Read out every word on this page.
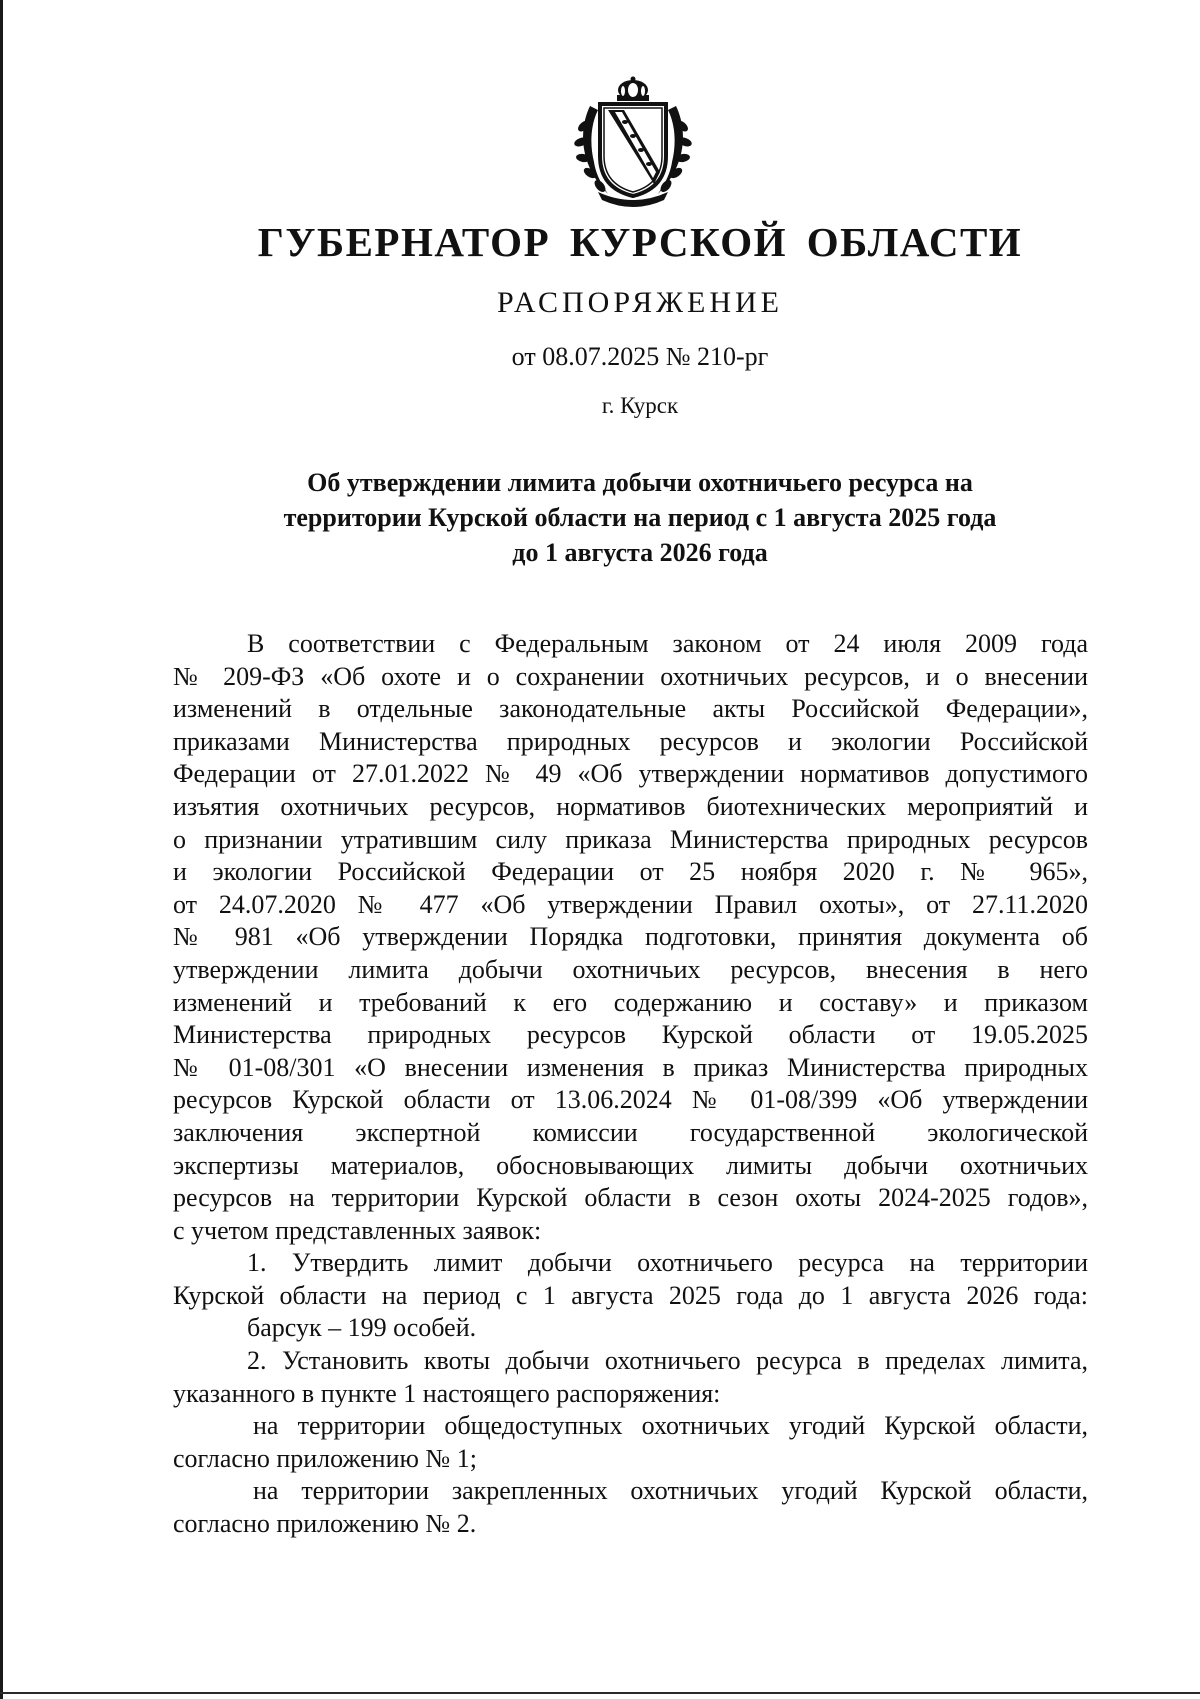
ГУБЕРНАТОР КУРСКОЙ ОБЛАСТИ
РАСПОРЯЖЕНИЕ
от 08.07.2025 № 210-рг
г. Курск
Об утверждении лимита добычи охотничьего ресурса на
территории Курской области на период с 1 августа 2025 года
до 1 августа 2026 года
В соответствии с Федеральным законом от 24 июля 2009 года
№ 209-ФЗ «Об охоте и о сохранении охотничьих ресурсов, и о внесении
изменений в отдельные законодательные акты Российской Федерации»,
приказами Министерства природных ресурсов и экологии Российской
Федерации от 27.01.2022 № 49 «Об утверждении нормативов допустимого
изъятия охотничьих ресурсов, нормативов биотехнических мероприятий и
о признании утратившим силу приказа Министерства природных ресурсов
и экологии Российской Федерации от 25 ноября 2020 г. № 965»,
от 24.07.2020 № 477 «Об утверждении Правил охоты», от 27.11.2020
№ 981 «Об утверждении Порядка подготовки, принятия документа об
утверждении лимита добычи охотничьих ресурсов, внесения в него
изменений и требований к его содержанию и составу» и приказом
Министерства природных ресурсов Курской области от 19.05.2025
№ 01-08/301 «О внесении изменения в приказ Министерства природных
ресурсов Курской области от 13.06.2024 № 01-08/399 «Об утверждении
заключения экспертной комиссии государственной экологической
экспертизы материалов, обосновывающих лимиты добычи охотничьих
ресурсов на территории Курской области в сезон охоты 2024-2025 годов»,
с учетом представленных заявок:
1. Утвердить лимит добычи охотничьего ресурса на территории
Курской области на период с 1 августа 2025 года до 1 августа 2026 года:
барсук – 199 особей.
2. Установить квоты добычи охотничьего ресурса в пределах лимита,
указанного в пункте 1 настоящего распоряжения:
на территории общедоступных охотничьих угодий Курской области,
согласно приложению № 1;
на территории закрепленных охотничьих угодий Курской области,
согласно приложению № 2.
